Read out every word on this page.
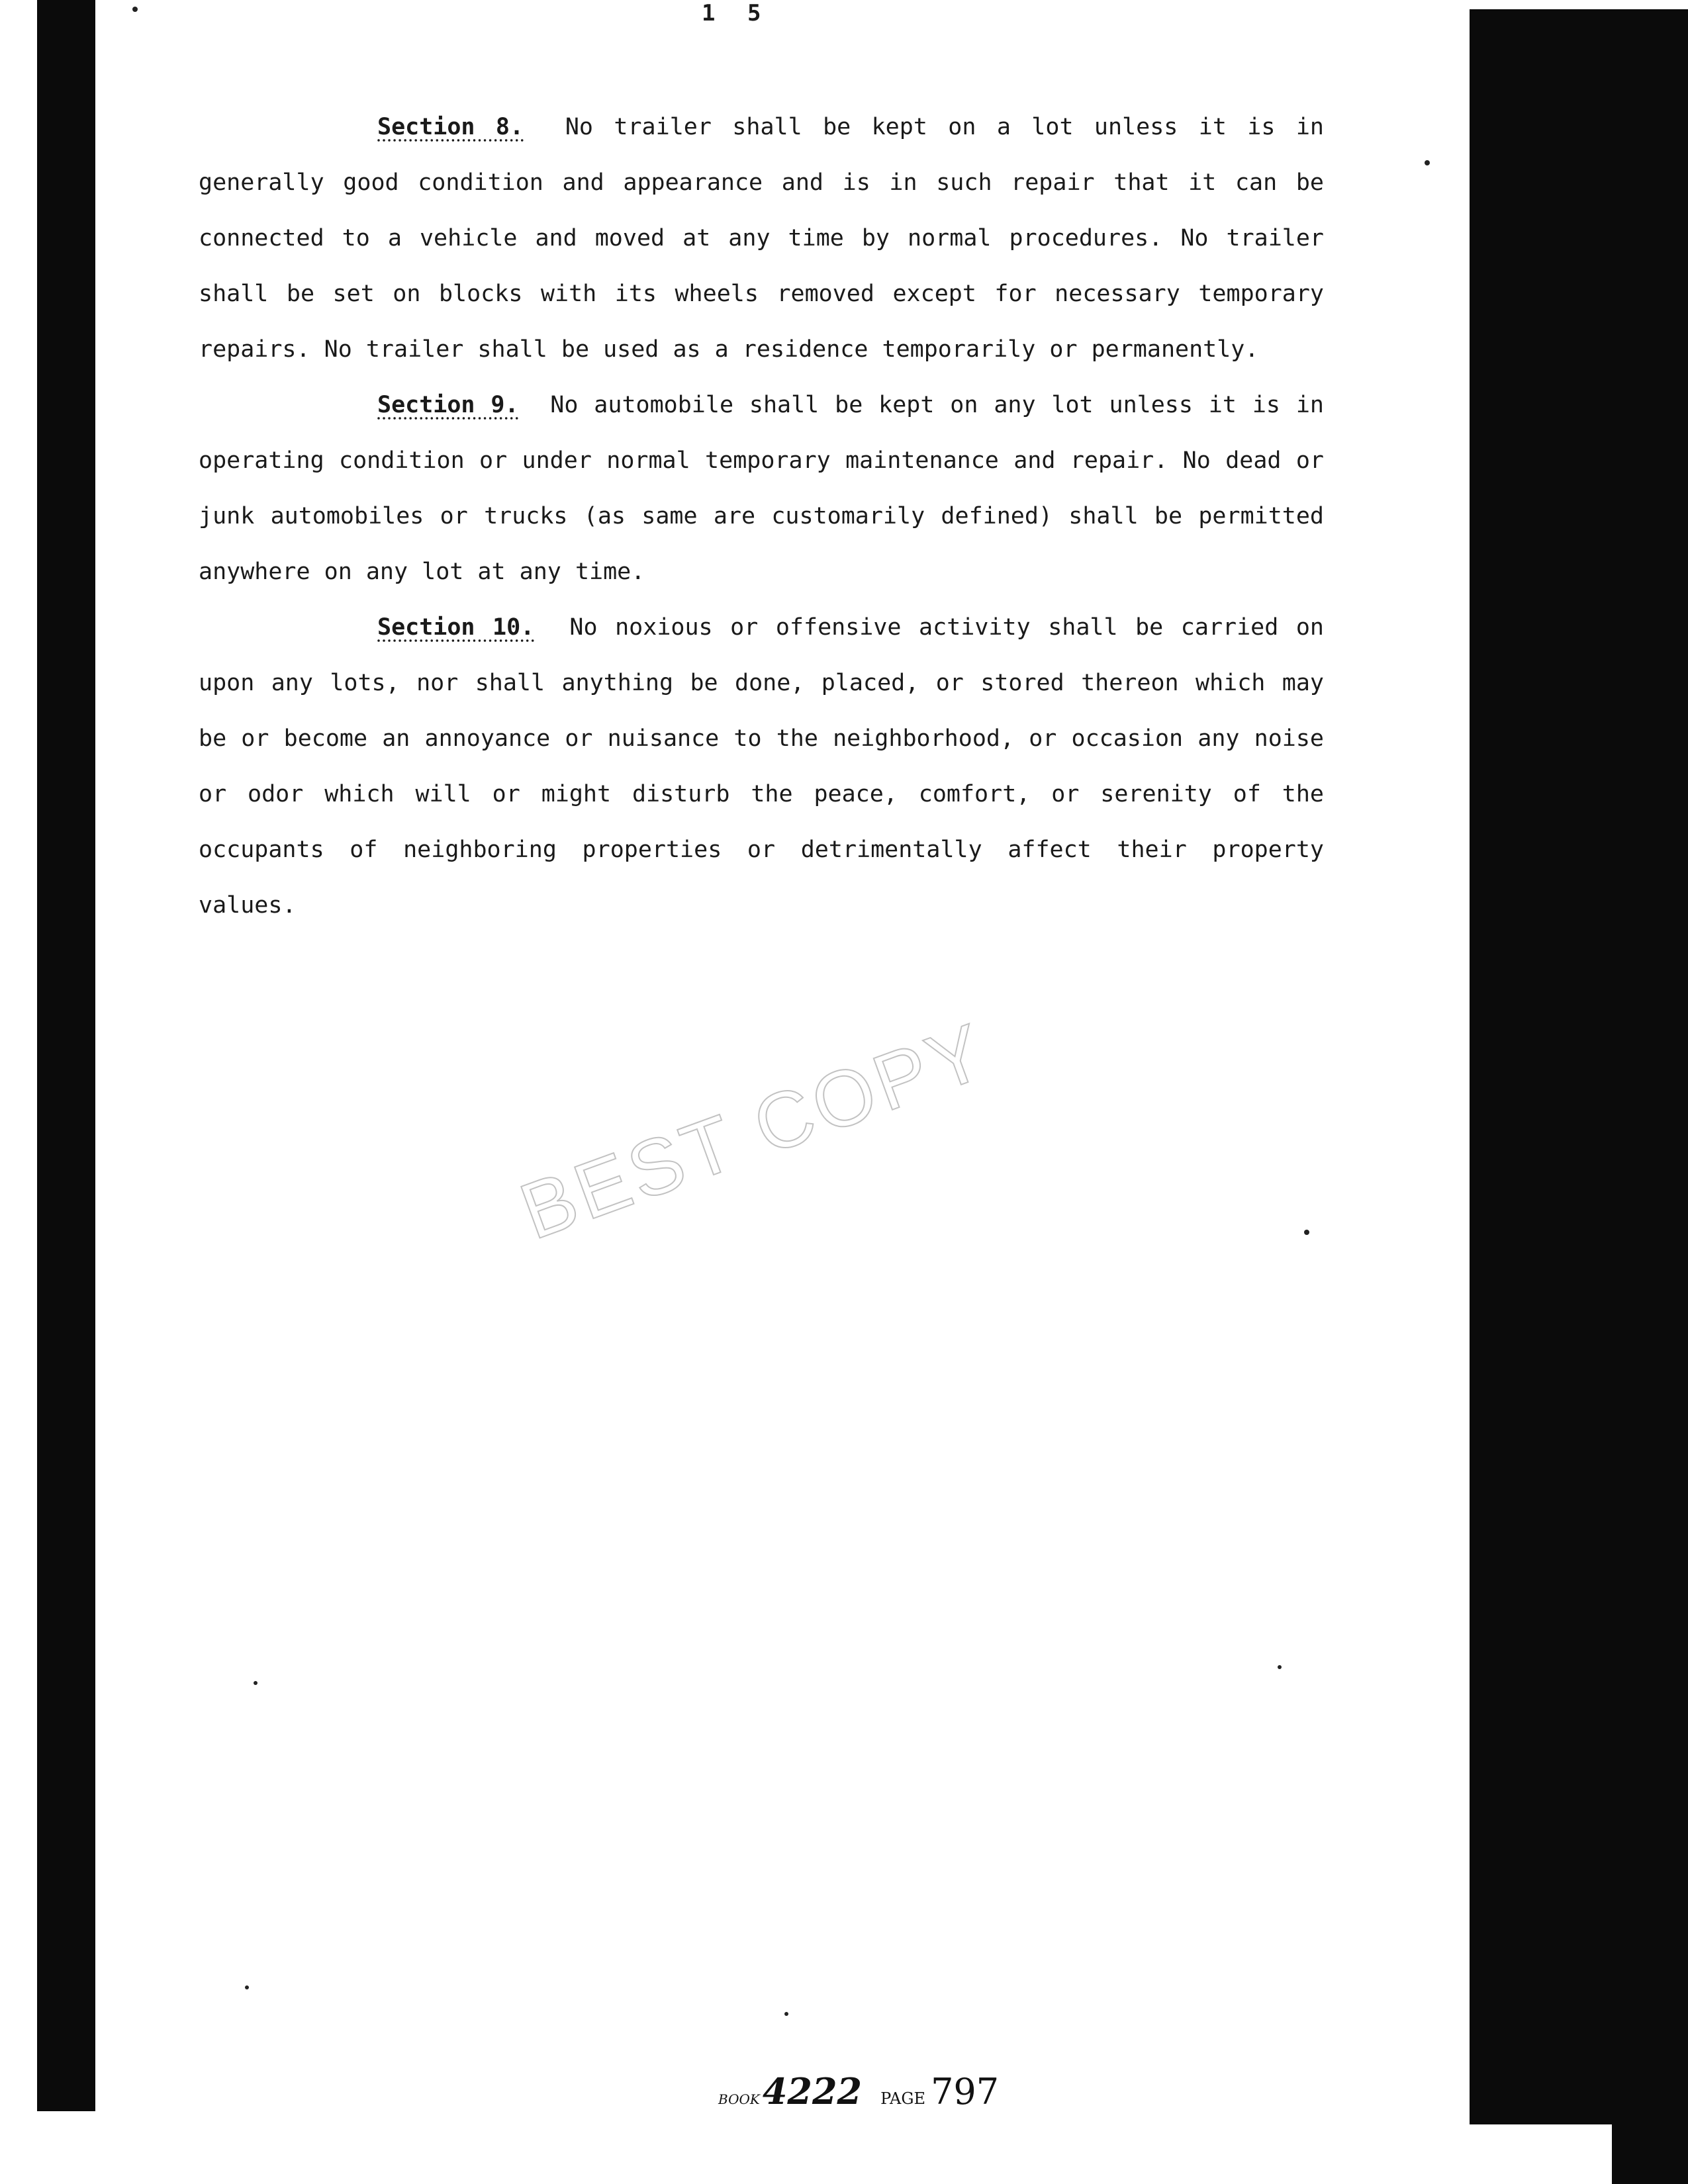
1 5

Section 8. No trailer shall be kept on a lot unless it is in generally good condition and appearance and is in such repair that it can be connected to a vehicle and moved at any time by normal procedures. No trailer shall be set on blocks with its wheels removed except for necessary temporary repairs. No trailer shall be used as a residence temporarily or permanently.

Section 9. No automobile shall be kept on any lot unless it is in operating condition or under normal temporary maintenance and repair. No dead or junk automobiles or trucks (as same are customarily defined) shall be permitted anywhere on any lot at any time.

Section 10. No noxious or offensive activity shall be carried on upon any lots, nor shall anything be done, placed, or stored thereon which may be or become an annoyance or nuisance to the neighborhood, or occasion any noise or odor which will or might disturb the peace, comfort, or serenity of the occupants of neighboring properties or detrimentally affect their property values.

BEST COPY
BOOK4222 PAGE 797
